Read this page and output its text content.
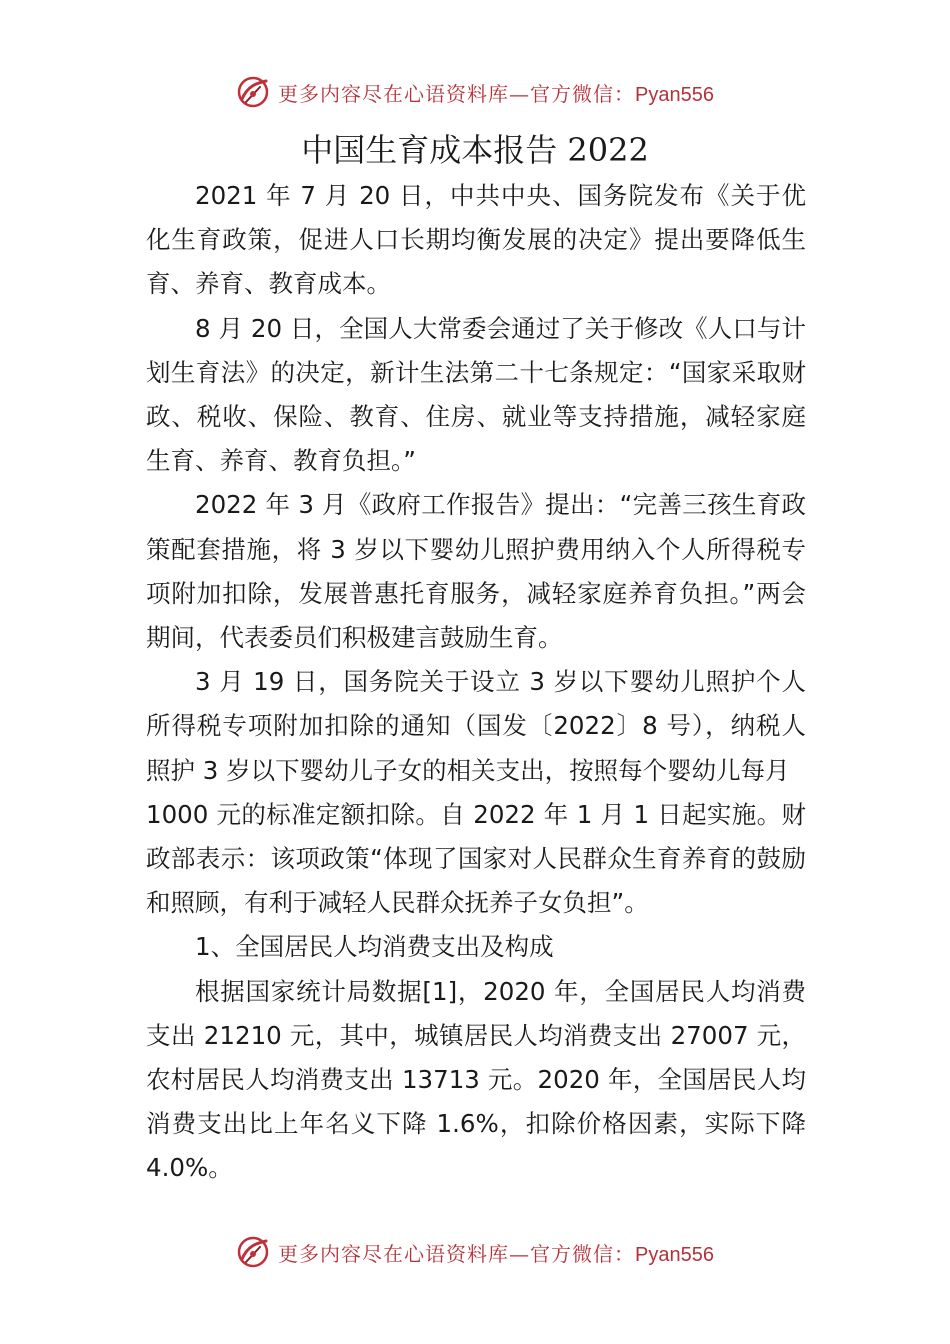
更多内容尽在心语资料库—官方微信：Pyan556
中国生育成本报告 2022

2021 年 7 月 20 日，中共中央、国务院发布《关于优化生育政策，促进人口长期均衡发展的决定》提出要降低生育、养育、教育成本。

8 月 20 日，全国人大常委会通过了关于修改《人口与计划生育法》的决定，新计生法第二十七条规定：“国家采取财政、税收、保险、教育、住房、就业等支持措施，减轻家庭生育、养育、教育负担。”

2022 年 3 月《政府工作报告》提出：“完善三孩生育政策配套措施，将 3 岁以下婴幼儿照护费用纳入个人所得税专项附加扣除，发展普惠托育服务，减轻家庭养育负担。”两会期间，代表委员们积极建言鼓励生育。

3 月 19 日，国务院关于设立 3 岁以下婴幼儿照护个人所得税专项附加扣除的通知（国发〔2022〕8 号），纳税人照护 3 岁以下婴幼儿子女的相关支出，按照每个婴幼儿每月

1000 元的标准定额扣除。自 2022 年 1 月 1 日起实施。财政部表示：该项政策“体现了国家对人民群众生育养育的鼓励和照顾，有利于减轻人民群众抚养子女负担”。

1、全国居民人均消费支出及构成

根据国家统计局数据[1]，2020 年，全国居民人均消费支出 21210 元，其中，城镇居民人均消费支出 27007 元，农村居民人均消费支出 13713 元。2020 年，全国居民人均消费支出比上年名义下降 1.6%，扣除价格因素，实际下降 4.0%。

更多内容尽在心语资料库—官方微信：Pyan556
